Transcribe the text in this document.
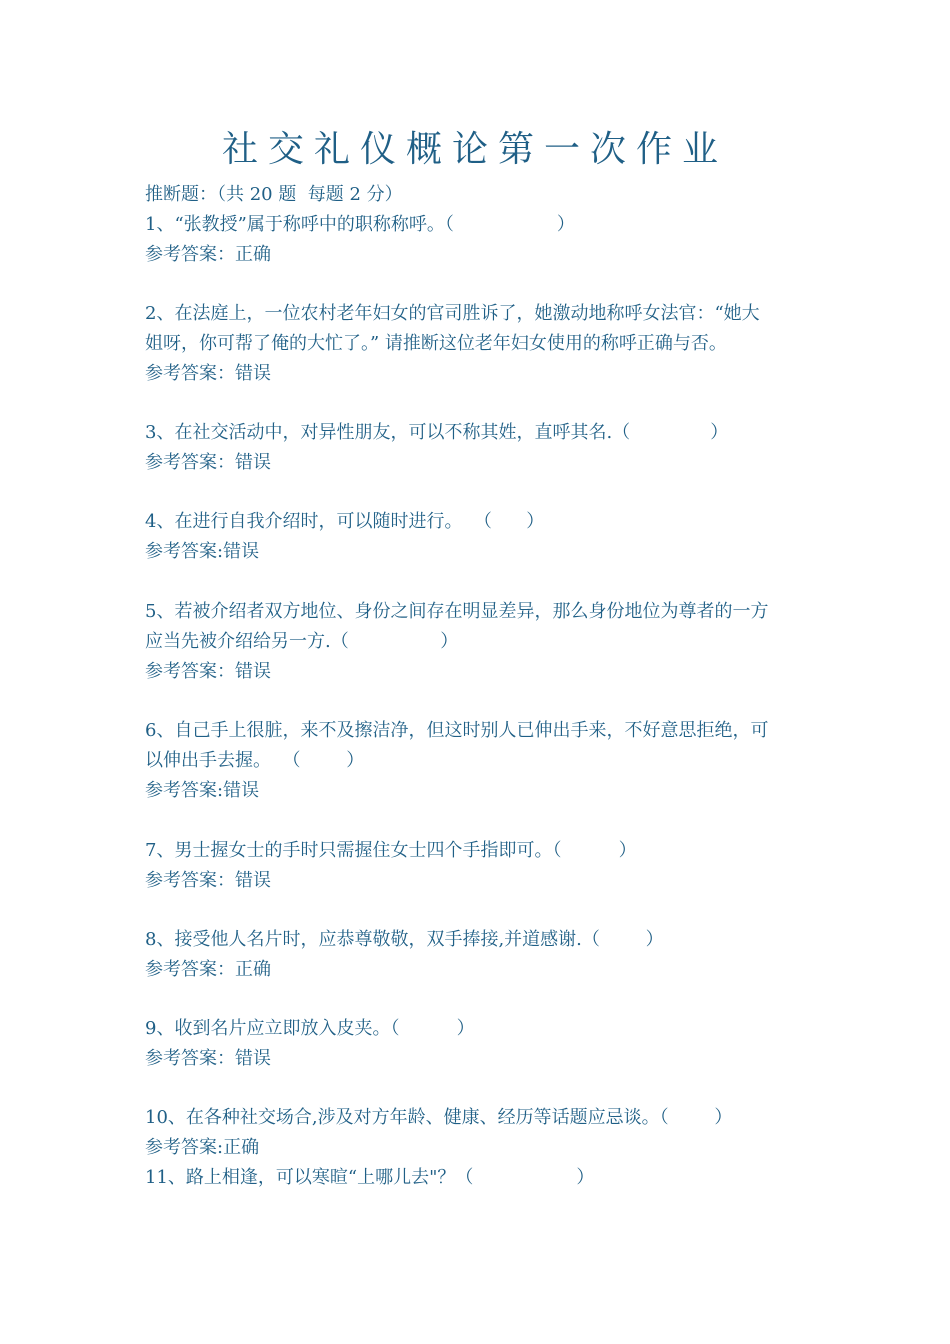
社交礼仪概论第一次作业
推断题：（共 20 题  每题 2 分）
1、“张教授”属于称呼中的职称称呼。（                  ）
参考答案：正确
2、在法庭上，一位农村老年妇女的官司胜诉了，她激动地称呼女法官：“她大
姐呀，你可帮了俺的大忙了。” 请推断这位老年妇女使用的称呼正确与否。
参考答案：错误
3、在社交活动中，对异性朋友，可以不称其姓，直呼其名.（              ）
参考答案：错误
4、在进行自我介绍时，可以随时进行。  （      ）
参考答案:错误
5、若被介绍者双方地位、身份之间存在明显差异，那么身份地位为尊者的一方
应当先被介绍给另一方.（                ）
参考答案：错误
6、自己手上很脏，来不及擦洁净，但这时别人已伸出手来，不好意思拒绝，可
以伸出手去握。  （        ）
参考答案:错误
7、男士握女士的手时只需握住女士四个手指即可。（          ）
参考答案：错误
8、接受他人名片时，应恭尊敬敬，双手捧接,并道感谢.（        ）
参考答案：正确
9、收到名片应立即放入皮夹。（          ）
参考答案：错误
10、在各种社交场合,涉及对方年龄、健康、经历等话题应忌谈。（        ）
参考答案:正确
11、路上相逢，可以寒暄“上哪儿去"？（                  ）
